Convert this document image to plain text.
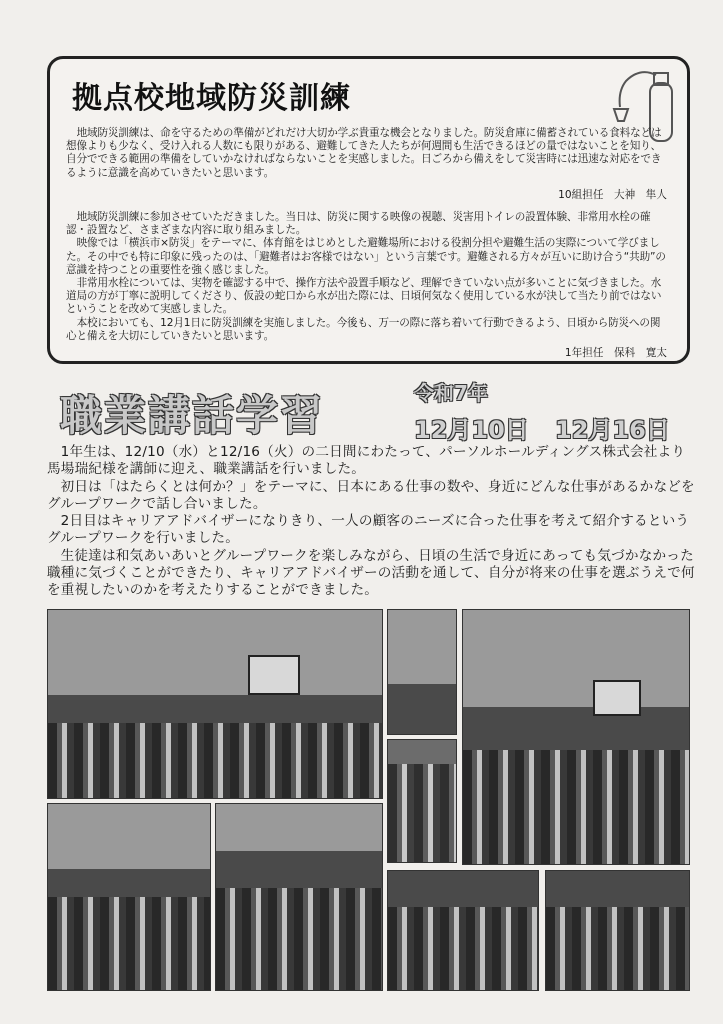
拠点校地域防災訓練

地域防災訓練は、命を守るための準備がどれだけ大切か学ぶ貴重な機会となりました。防災倉庫に備蓄されている食料などは想像よりも少なく、受け入れる人数にも限りがある、避難してきた人たちが何週間も生活できるほどの量ではないことを知り、自分でできる範囲の準備をしていかなければならないことを実感しました。日ごろから備えをして災害時には迅速な対応をできるように意識を高めていきたいと思います。

10組担任　大神　隼人

地域防災訓練に参加させていただきました。当日は、防災に関する映像の視聴、災害用トイレの設置体験、非常用水栓の確認・設置など、さまざまな内容に取り組みました。

映像では「横浜市×防災」をテーマに、体育館をはじめとした避難場所における役割分担や避難生活の実際について学びました。その中でも特に印象に残ったのは、「避難者はお客様ではない」という言葉です。避難される方々が互いに助け合う“共助”の意識を持つことの重要性を強く感じました。

非常用水栓については、実物を確認する中で、操作方法や設置手順など、理解できていない点が多いことに気づきました。水道局の方が丁寧に説明してくださり、仮設の蛇口から水が出た際には、日頃何気なく使用している水が決して当たり前ではないということを改めて実感しました。

本校においても、12月1日に防災訓練を実施しました。今後も、万一の際に落ち着いて行動できるよう、日頃から防災への関心と備えを大切にしていきたいと思います。

1年担任　保科　寛太
職業講話学習	令和7年
12月10日 12月16日

1年生は、12/10（水）と12/16（火）の二日間にわたって、パーソルホールディングス株式会社より馬場瑞紀様を講師に迎え、職業講話を行いました。

初日は「はたらくとは何か？」をテーマに、日本にある仕事の数や、身近にどんな仕事があるかなどをグループワークで話し合いました。

2日目はキャリアアドバイザーになりきり、一人の顧客のニーズに合った仕事を考えて紹介するというグループワークを行いました。

生徒達は和気あいあいとグループワークを楽しみながら、日頃の生活で身近にあっても気づかなかった職種に気づくことができたり、キャリアアドバイザーの活動を通して、自分が将来の仕事を選ぶうえで何を重視したいのかを考えたりすることができました。
